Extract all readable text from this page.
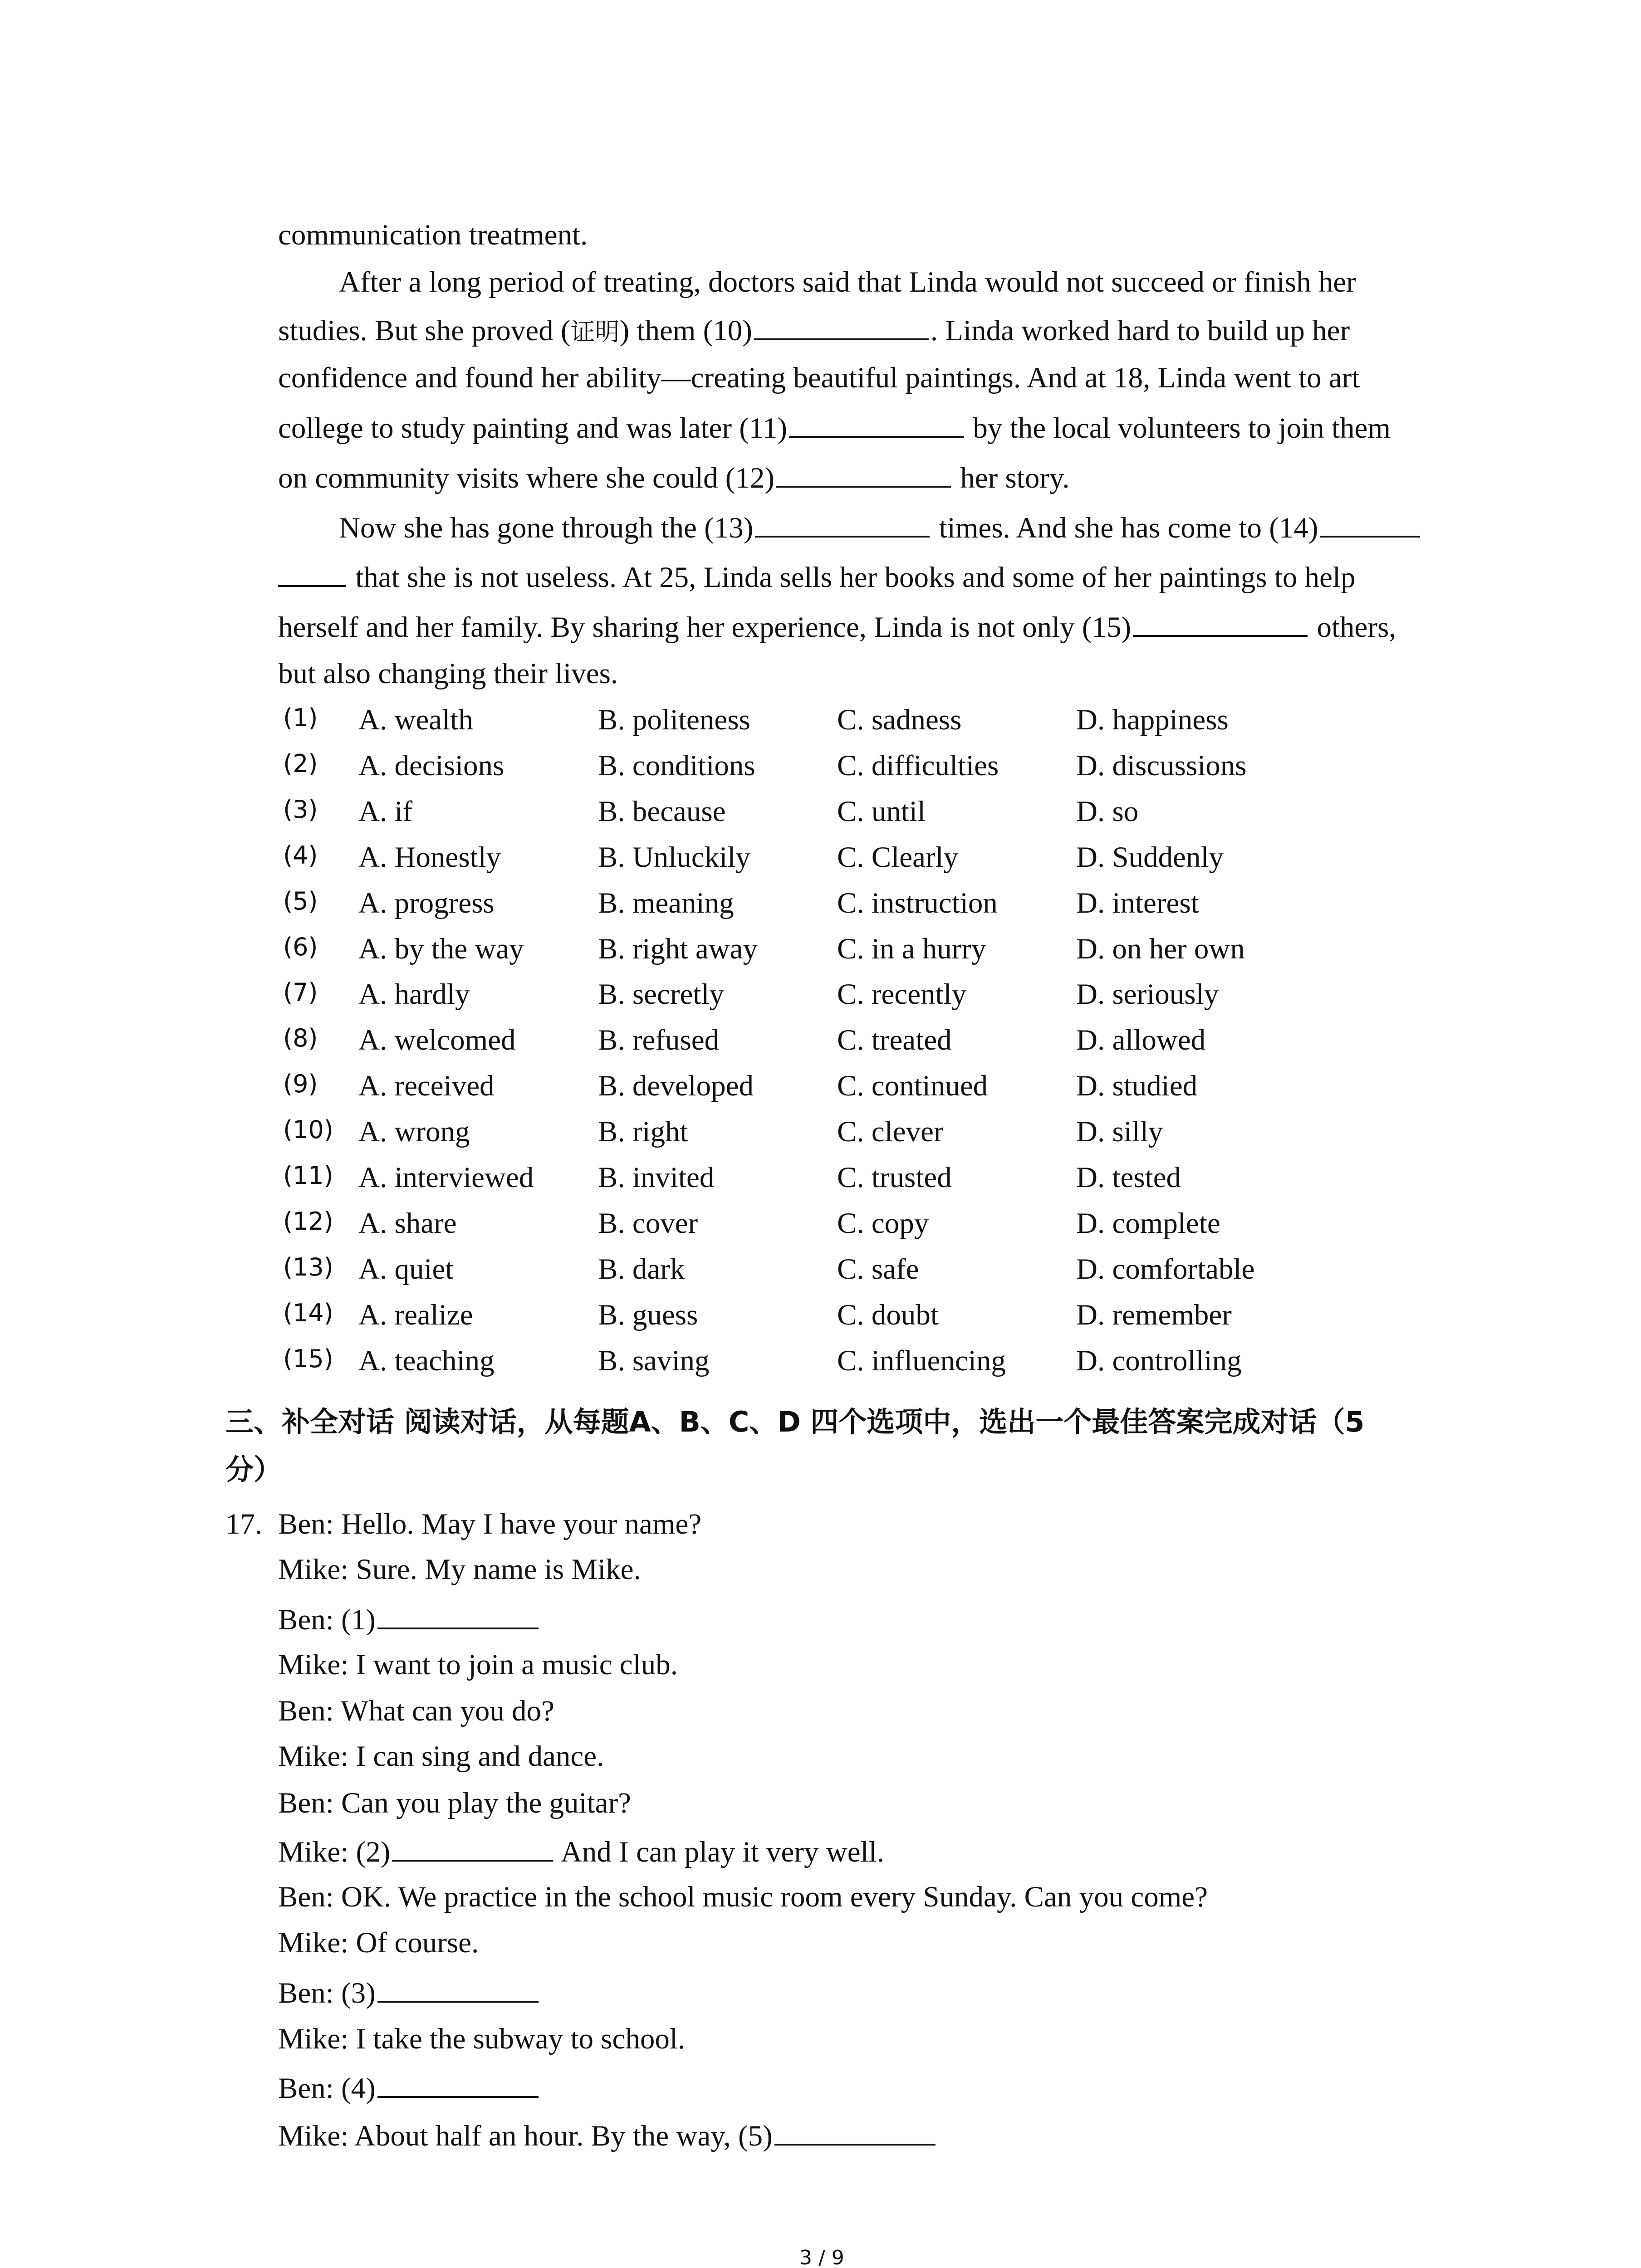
communication treatment.
After a long period of treating, doctors said that Linda would not succeed or finish her
studies. But she proved (证明) them (10)	. Linda worked hard to build up her
confidence and found her ability—creating beautiful paintings. And at 18, Linda went to art
college to study painting and was later (11)	by the local volunteers to join them
on community visits where she could (12)	her story.
Now she has gone through the (13)	times. And she has come to (14)
that she is not useless. At 25, Linda sells her books and some of her paintings to help
herself and her family. By sharing her experience, Linda is not only (15)	others,
but also changing their lives.
(1) A. wealth	B. politeness	C. sadness	D. happiness
(2) A. decisions	B. conditions	C. difficulties	D. discussions
(3) A. if	B. because	C. until	D. so
(4) A. Honestly	B. Unluckily	C. Clearly	D. Suddenly
(5) A. progress	B. meaning	C. instruction	D. interest
(6) A. by the way	B. right away	C. in a hurry	D. on her own
(7) A. hardly	B. secretly	C. recently	D. seriously
(8) A. welcomed	B. refused	C. treated	D. allowed
(9) A. received	B. developed	C. continued	D. studied
(10) A. wrong	B. right	C. clever	D. silly
(11) A. interviewed B. invited	C. trusted	D. tested
(12) A. share	B. cover	C. copy	D. complete
(13) A. quiet	B. dark	C. safe	D. comfortable
(14) A. realize	B. guess	C. doubt	D. remember
(15) A. teaching	B. saving	C. influencing D. controlling
三、补全对话 阅读对话，从每题A、B、C、D 四个选项中，选出一个最佳答案完成对话（5
分）
17. Ben: Hello. May I have your name?
Mike: Sure. My name is Mike.
Ben: (1)
Mike: I want to join a music club.
Ben: What can you do?
Mike: I can sing and dance.
Ben: Can you play the guitar?
Mike: (2)	And I can play it very well.
Ben: OK. We practice in the school music room every Sunday. Can you come?
Mike: Of course.
Ben: (3)
Mike: I take the subway to school.
Ben: (4)
Mike: About half an hour. By the way, (5)
3 / 9
